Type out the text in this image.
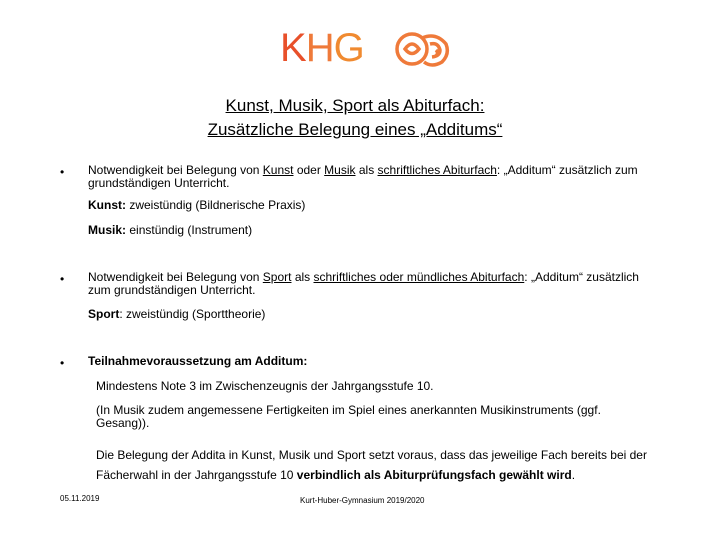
KHG
Kunst, Musik, Sport als Abiturfach:
Zusätzliche Belegung eines „Additums“
• Notwendigkeit bei Belegung von Kunst oder Musik als schriftliches Abiturfach: „Additum“ zusätzlich zum grundständigen Unterricht.
Kunst: zweistündig (Bildnerische Praxis)
Musik: einstündig (Instrument)
• Notwendigkeit bei Belegung von Sport als schriftliches oder mündliches Abiturfach: „Additum“ zusätzlich zum grundständigen Unterricht.
Sport: zweistündig (Sporttheorie)
• Teilnahmevoraussetzung am Additum:
Mindestens Note 3 im Zwischenzeugnis der Jahrgangsstufe 10.
(In Musik zudem angemessene Fertigkeiten im Spiel eines anerkannten Musikinstruments (ggf. Gesang)).
Die Belegung der Addita in Kunst, Musik und Sport setzt voraus, dass das jeweilige Fach bereits bei der Fächerwahl in der Jahrgangsstufe 10 verbindlich als Abiturprüfungsfach gewählt wird.
05.11.2019	Kurt-Huber-Gymnasium 2019/2020
